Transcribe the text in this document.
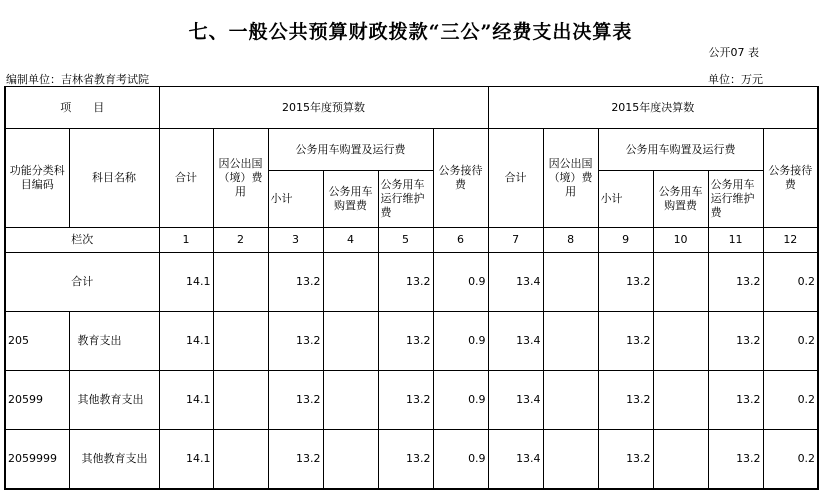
七、一般公共预算财政拨款“三公”经费支出决算表
公开07 表
编制单位：吉林省教育考试院	单位：万元
项　　目		2015年度预算数						2015年度决算数					
功能分类科目编码	科目名称	合计	因公出国（境）费用	公务用车购置及运行费			公务接待费	合计	因公出国（境）费用	公务用车购置及运行费			公务接待费
				小计	公务用车购置费	公务用车运行维护费				小计	公务用车购置费	公务用车运行维护费	
栏次		1	2	3	4	5	6	7	8	9	10	11	12
合计		14.1		13.2		13.2	0.9	13.4		13.2		13.2	0.2
205	教育支出	14.1		13.2		13.2	0.9	13.4		13.2		13.2	0.2
20599	其他教育支出	14.1		13.2		13.2	0.9	13.4		13.2		13.2	0.2
2059999	其他教育支出	14.1		13.2		13.2	0.9	13.4		13.2		13.2	0.2
